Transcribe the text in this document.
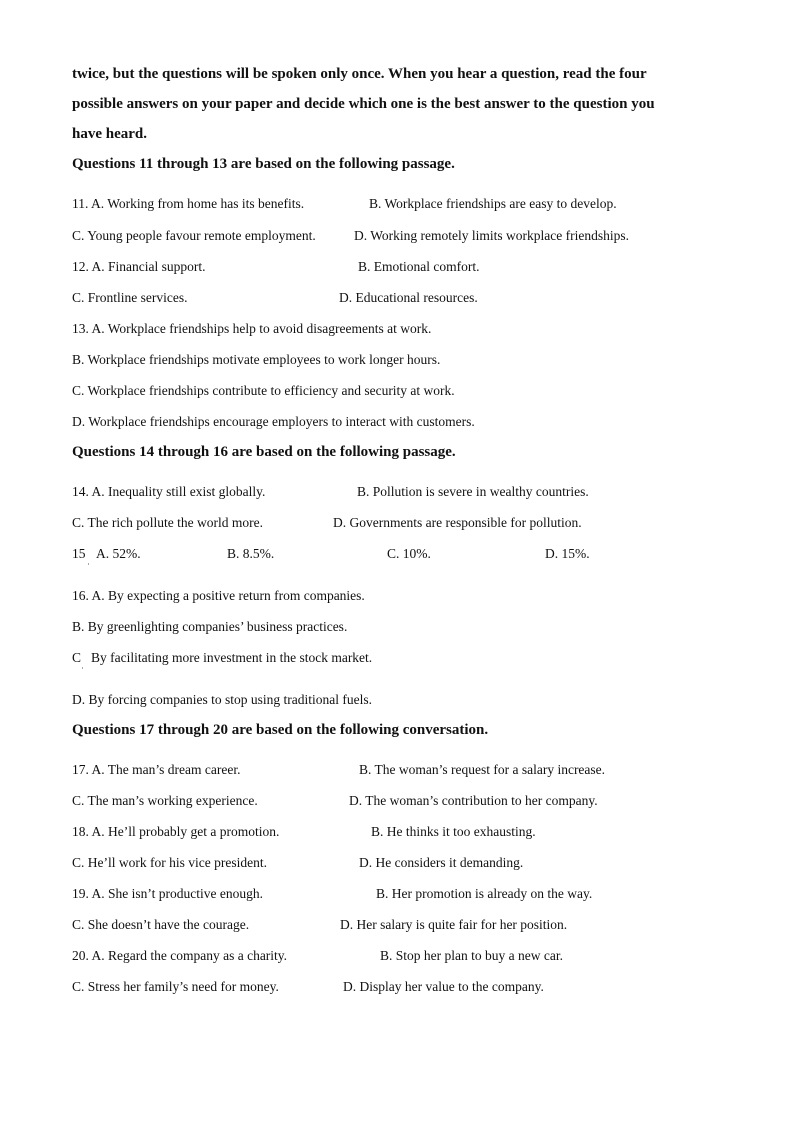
twice, but the questions will be spoken only once. When you hear a question, read the four
possible answers on your paper and decide which one is the best answer to the question you
have heard.
Questions 11 through 13 are based on the following passage.
11. A. Working from home has its benefits.	B. Workplace friendships are easy to develop.
C. Young people favour remote employment.	D. Working remotely limits workplace friendships.
12. A. Financial support.	B. Emotional comfort.
C. Frontline services.	D. Educational resources.
13. A. Workplace friendships help to avoid disagreements at work.
B. Workplace friendships motivate employees to work longer hours.
C. Workplace friendships contribute to efficiency and security at work.
D. Workplace friendships encourage employers to interact with customers.
Questions 14 through 16 are based on the following passage.
14. A. Inequality still exist globally.	B. Pollution is severe in wealthy countries.
C. The rich pollute the world more.	D. Governments are responsible for pollution.
15
˙
A. 52%.	B. 8.5%.	C. 10%.	D. 15%.
16. A. By expecting a positive return from companies.
B. By greenlighting companies’ business practices.
C
˙
By facilitating more investment in the stock market.
D. By forcing companies to stop using traditional fuels.
Questions 17 through 20 are based on the following conversation.
17. A. The man’s dream career.	B. The woman’s request for a salary increase.
C. The man’s working experience.	D. The woman’s contribution to her company.
18. A. He’ll probably get a promotion.	B. He thinks it too exhausting.
C. He’ll work for his vice president.	D. He considers it demanding.
19. A. She isn’t productive enough.	B. Her promotion is already on the way.
C. She doesn’t have the courage.	D. Her salary is quite fair for her position.
20. A. Regard the company as a charity.	B. Stop her plan to buy a new car.
C. Stress her family’s need for money.	D. Display her value to the company.
